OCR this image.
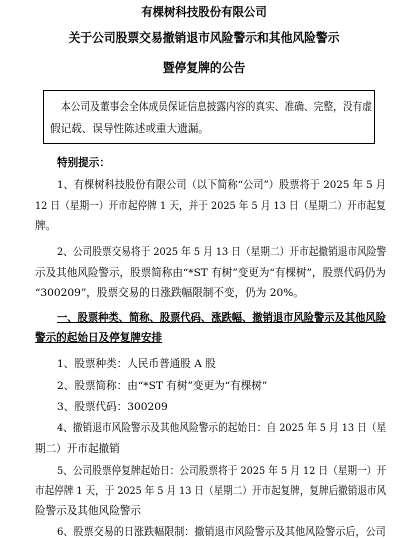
有棵树科技股份有限公司
关于公司股票交易撤销退市风险警示和其他风险警示
暨停复牌的公告
本公司及董事会全体成员保证信息披露内容的真实、准确、完整，没有虚
假记载、误导性陈述或重大遗漏。
特别提示：
1、有棵树科技股份有限公司（以下简称“公司”）股票将于 2025 年 5 月
12 日（星期一）开市起停牌 1 天，并于 2025 年 5 月 13 日（星期二）开市起复
牌。
2、公司股票交易将于 2025 年 5 月 13 日（星期二）开市起撤销退市风险警
示及其他风险警示，股票简称由“*ST 有树”变更为“有棵树”，股票代码仍为
“300209”，股票交易的日涨跌幅限制不变，仍为 20%。
一、股票种类、简称、股票代码、涨跌幅、撤销退市风险警示及其他风险
警示的起始日及停复牌安排
1、股票种类：人民币普通股 A 股
2、股票简称：由“*ST 有树”变更为“有棵树”
3、股票代码：300209
4、撤销退市风险警示及其他风险警示的起始日：自 2025 年 5 月 13 日（星
期二）开市起撤销
5、公司股票停复牌起始日：公司股票将于 2025 年 5 月 12 日（星期一）开
市起停牌 1 天，于 2025 年 5 月 13 日（星期二）开市起复牌，复牌后撤销退市风
险警示及其他风险警示
6、股票交易的日涨跌幅限制：撤销退市风险警示及其他风险警示后，公司
